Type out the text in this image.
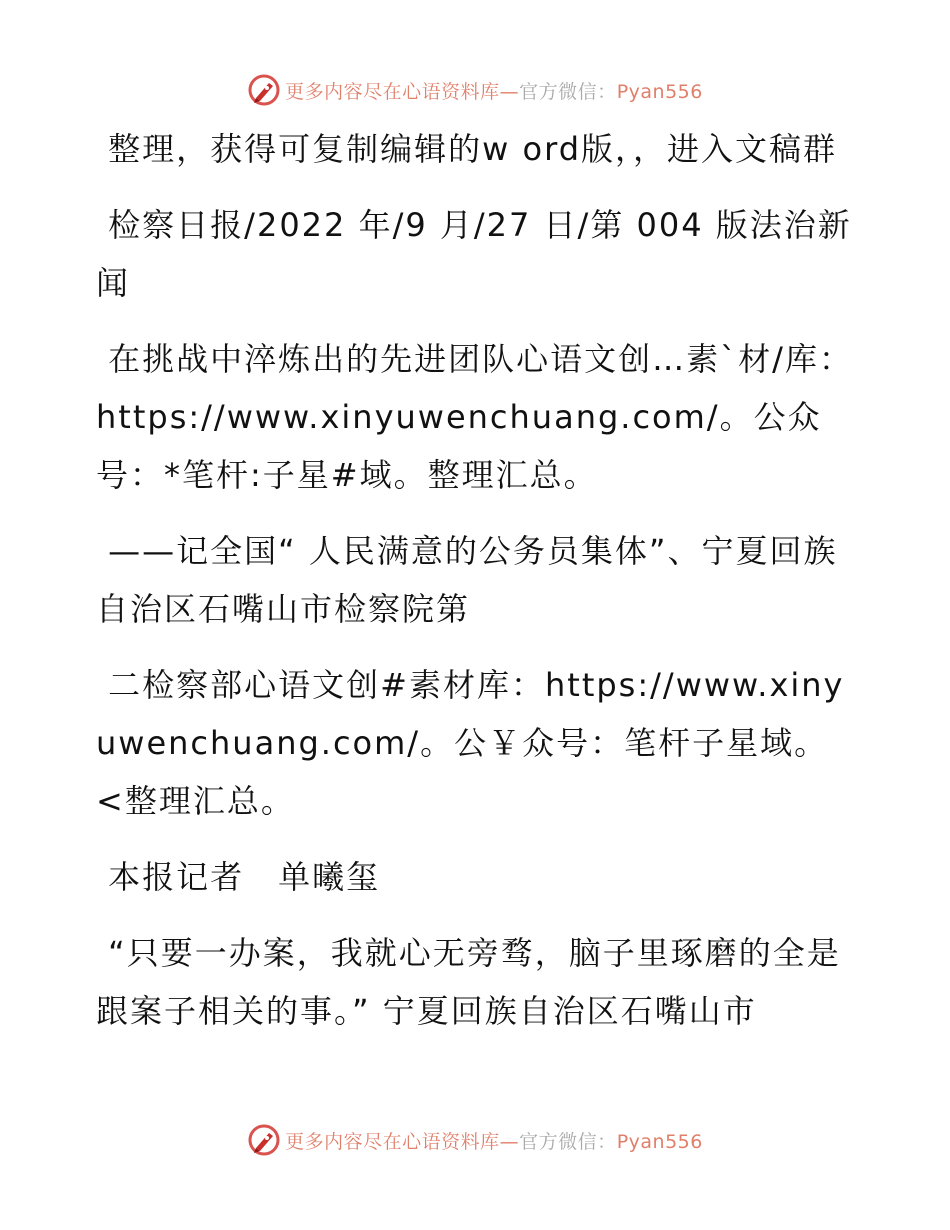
更多内容尽在心语资料库—官方微信：Pyan556

整理，获得可复制编辑的w ord版，，进入文稿群

检察日报/2022 年/9 月/27 日/第 004 版法治新闻

在挑战中淬炼出的先进团队心语文创…素`材/库：https://www.xinyuwenchuang.com/。公众号：*笔杆:子星#域。整理汇总。

——记全国“ 人民满意的公务员集体”、宁夏回族自治区石嘴山市检察院第

二检察部心语文创#素材库：https://www.xinyuwenchuang.com/。公￥众号：笔杆子星域。<整理汇总。

本报记者　单曦玺

“只要一办案，我就心无旁骛，脑子里琢磨的全是跟案子相关的事。” 宁夏回族自治区石嘴山市

更多内容尽在心语资料库—官方微信：Pyan556
